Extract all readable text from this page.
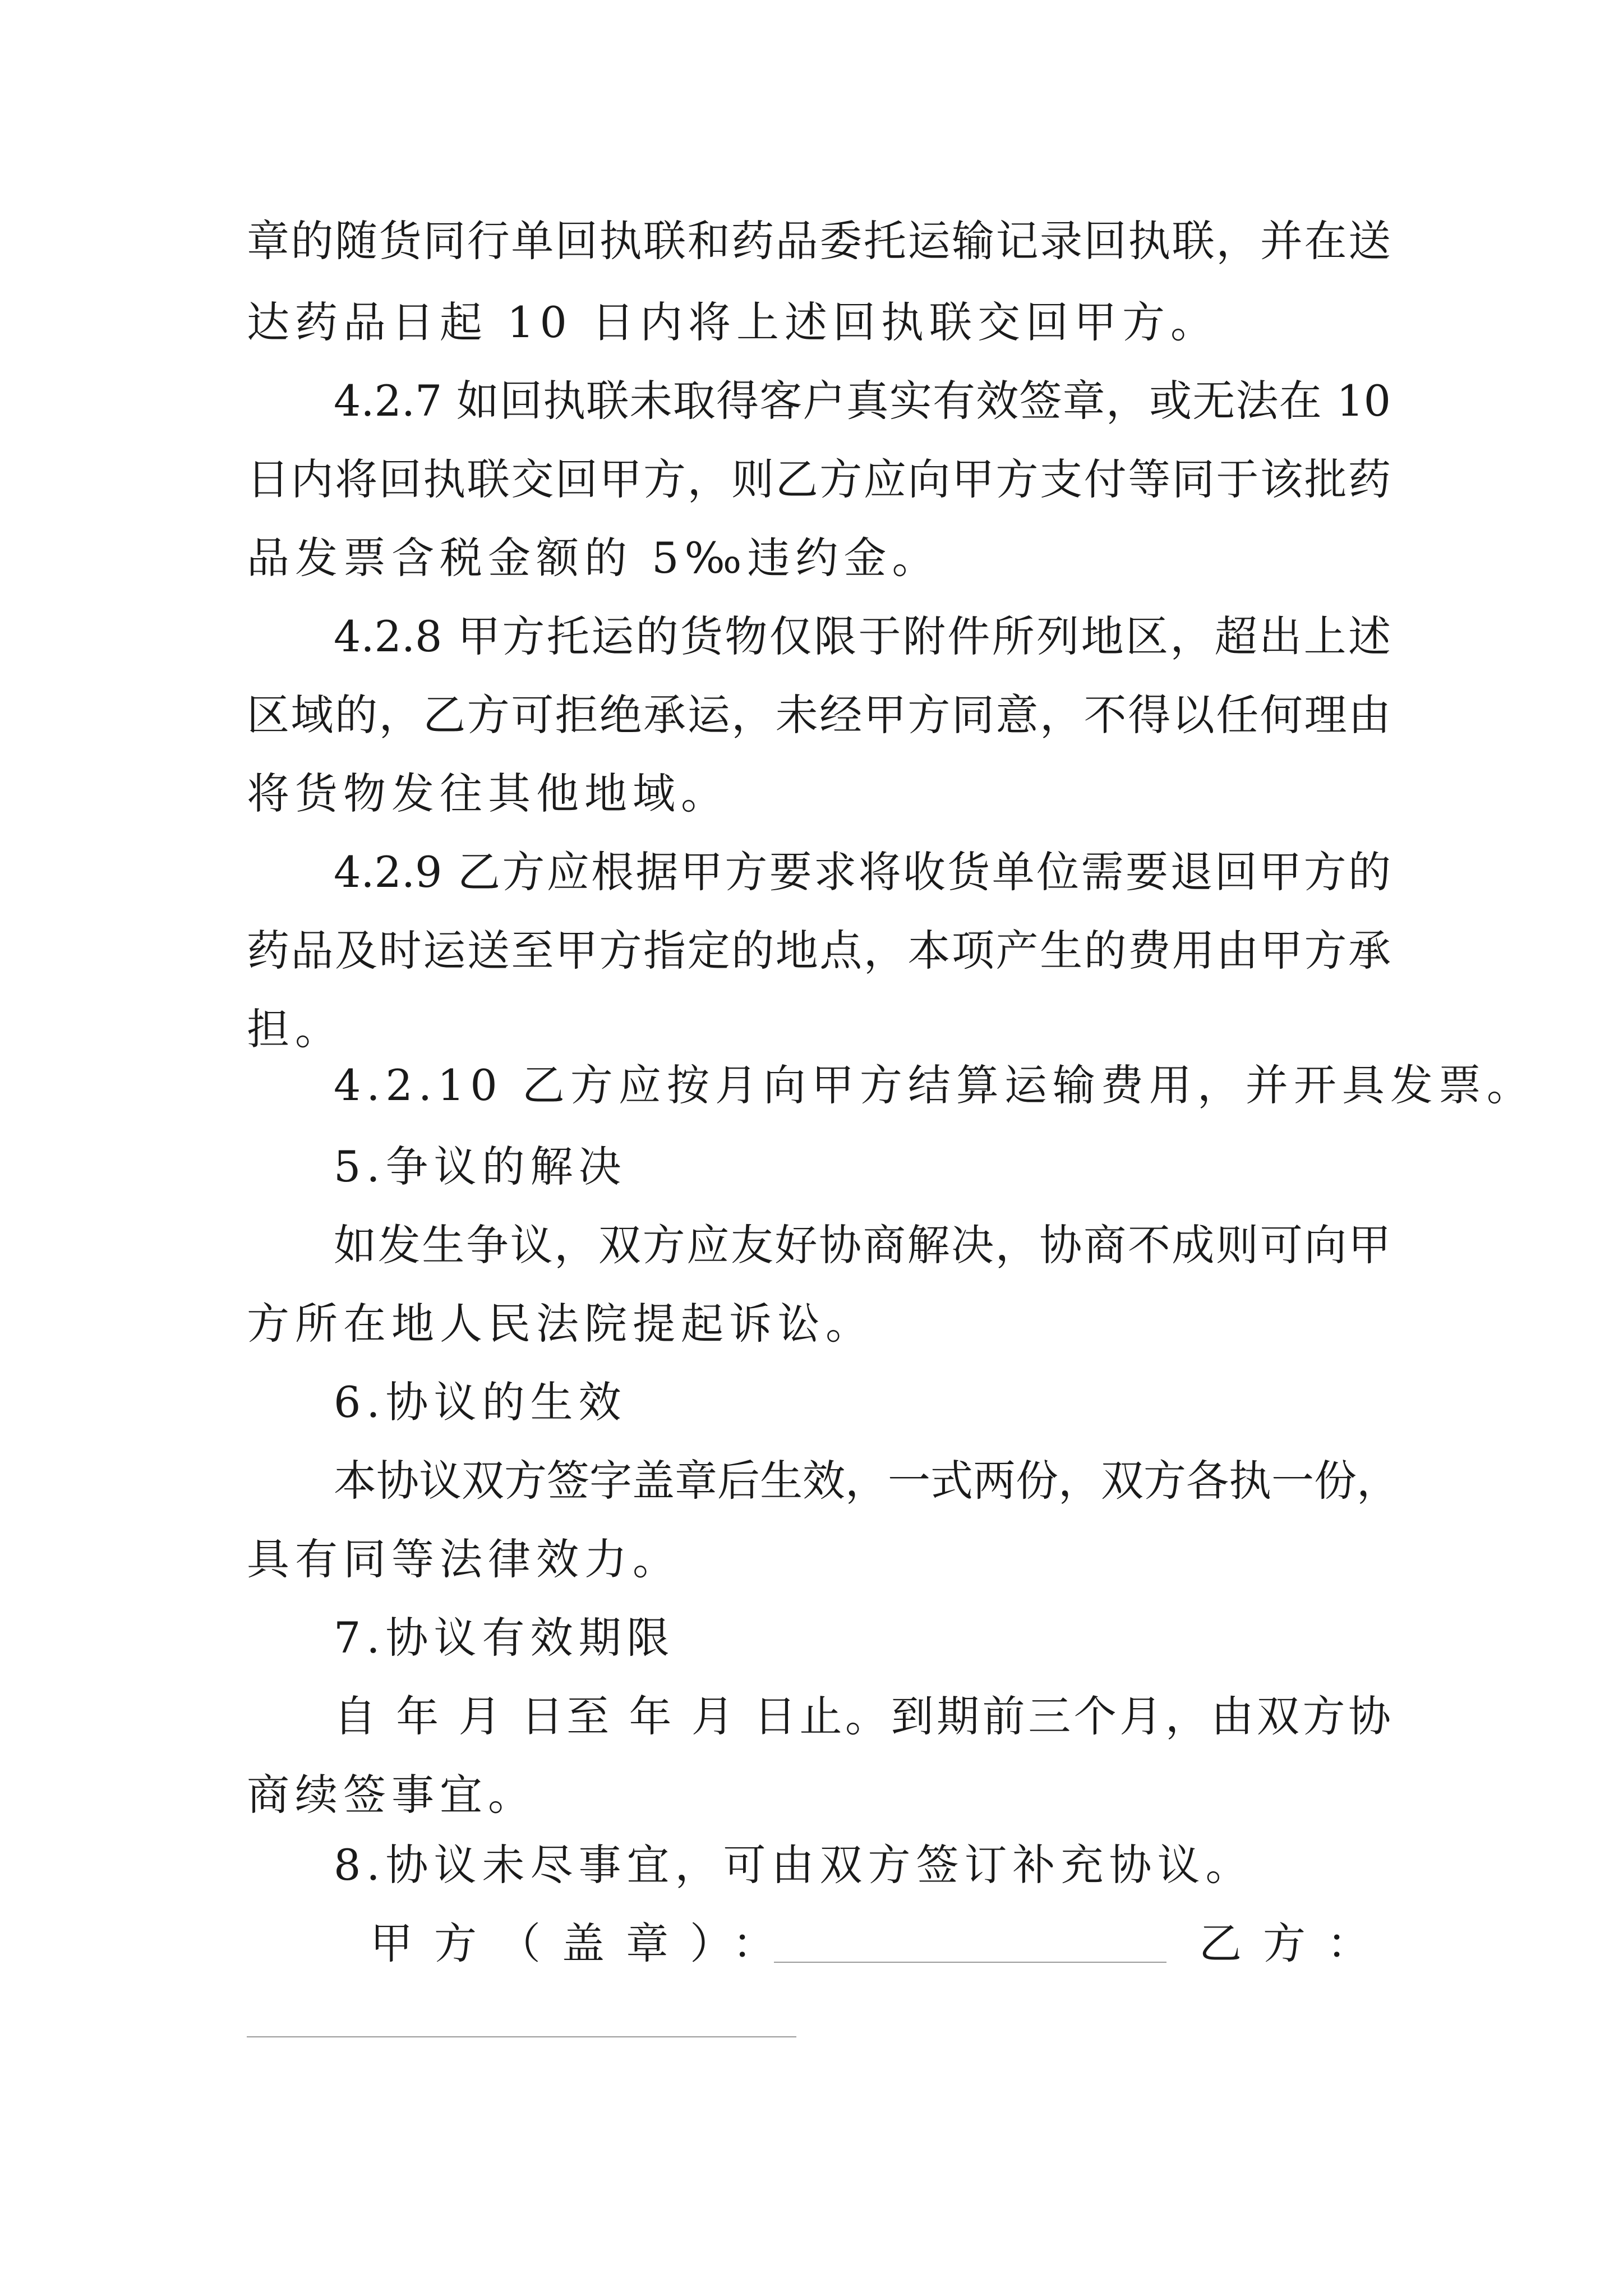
章的随货同行单回执联和药品委托运输记录回执联，并在送
达药品日起 10 日内将上述回执联交回甲方。
4.2.7 如回执联未取得客户真实有效签章，或无法在 10
日内将回执联交回甲方，则乙方应向甲方支付等同于该批药
品发票含税金额的 5‰违约金。
4.2.8 甲方托运的货物仅限于附件所列地区，超出上述
区域的，乙方可拒绝承运，未经甲方同意，不得以任何理由
将货物发往其他地域。
4.2.9 乙方应根据甲方要求将收货单位需要退回甲方的
药品及时运送至甲方指定的地点，本项产生的费用由甲方承
担。
4.2.10 乙方应按月向甲方结算运输费用，并开具发票。
5.争议的解决
如发生争议，双方应友好协商解决，协商不成则可向甲
方所在地人民法院提起诉讼。
6.协议的生效
本协议双方签字盖章后生效，一式两份，双方各执一份，
具有同等法律效力。
7.协议有效期限
自 年 月 日至 年 月 日止。到期前三个月，由双方协
商续签事宜。
8.协议未尽事宜，可由双方签订补充协议。
甲方（盖章）：	乙方：
